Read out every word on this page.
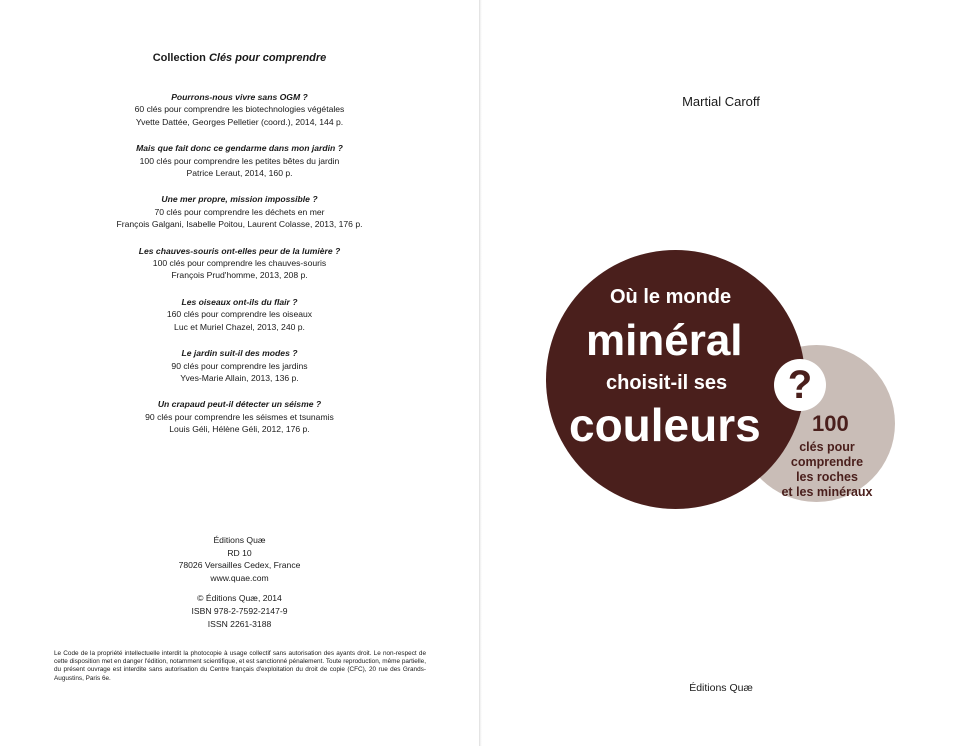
Collection Clés pour comprendre
Pourrons-nous vivre sans OGM ?
60 clés pour comprendre les biotechnologies végétales
Yvette Dattée, Georges Pelletier (coord.), 2014, 144 p.
Mais que fait donc ce gendarme dans mon jardin ?
100 clés pour comprendre les petites bêtes du jardin
Patrice Leraut, 2014, 160 p.
Une mer propre, mission impossible ?
70 clés pour comprendre les déchets en mer
François Galgani, Isabelle Poitou, Laurent Colasse, 2013, 176 p.
Les chauves-souris ont-elles peur de la lumière ?
100 clés pour comprendre les chauves-souris
François Prud'homme, 2013, 208 p.
Les oiseaux ont-ils du flair ?
160 clés pour comprendre les oiseaux
Luc et Muriel Chazel, 2013, 240 p.
Le jardin suit-il des modes ?
90 clés pour comprendre les jardins
Yves-Marie Allain, 2013, 136 p.
Un crapaud peut-il détecter un séisme ?
90 clés pour comprendre les séismes et tsunamis
Louis Géli, Hélène Géli, 2012, 176 p.
Éditions Quæ
RD 10
78026 Versailles Cedex, France
www.quae.com
© Éditions Quæ, 2014
ISBN 978-2-7592-2147-9
ISSN 2261-3188
Le Code de la propriété intellectuelle interdit la photocopie à usage collectif sans autorisation des ayants droit. Le non-respect de cette disposition met en danger l'édition, notamment scientifique, et est sanctionné pénalement. Toute reproduction, même partielle, du présent ouvrage est interdite sans autorisation du Centre français d'exploitation du droit de copie (CFC), 20 rue des Grands-Augustins, Paris 6e.
Martial Caroff
?
Où le monde
minéral
choisit-il ses
couleurs 100
clés pour
comprendre
les roches
et les minéraux
Éditions Quæ
